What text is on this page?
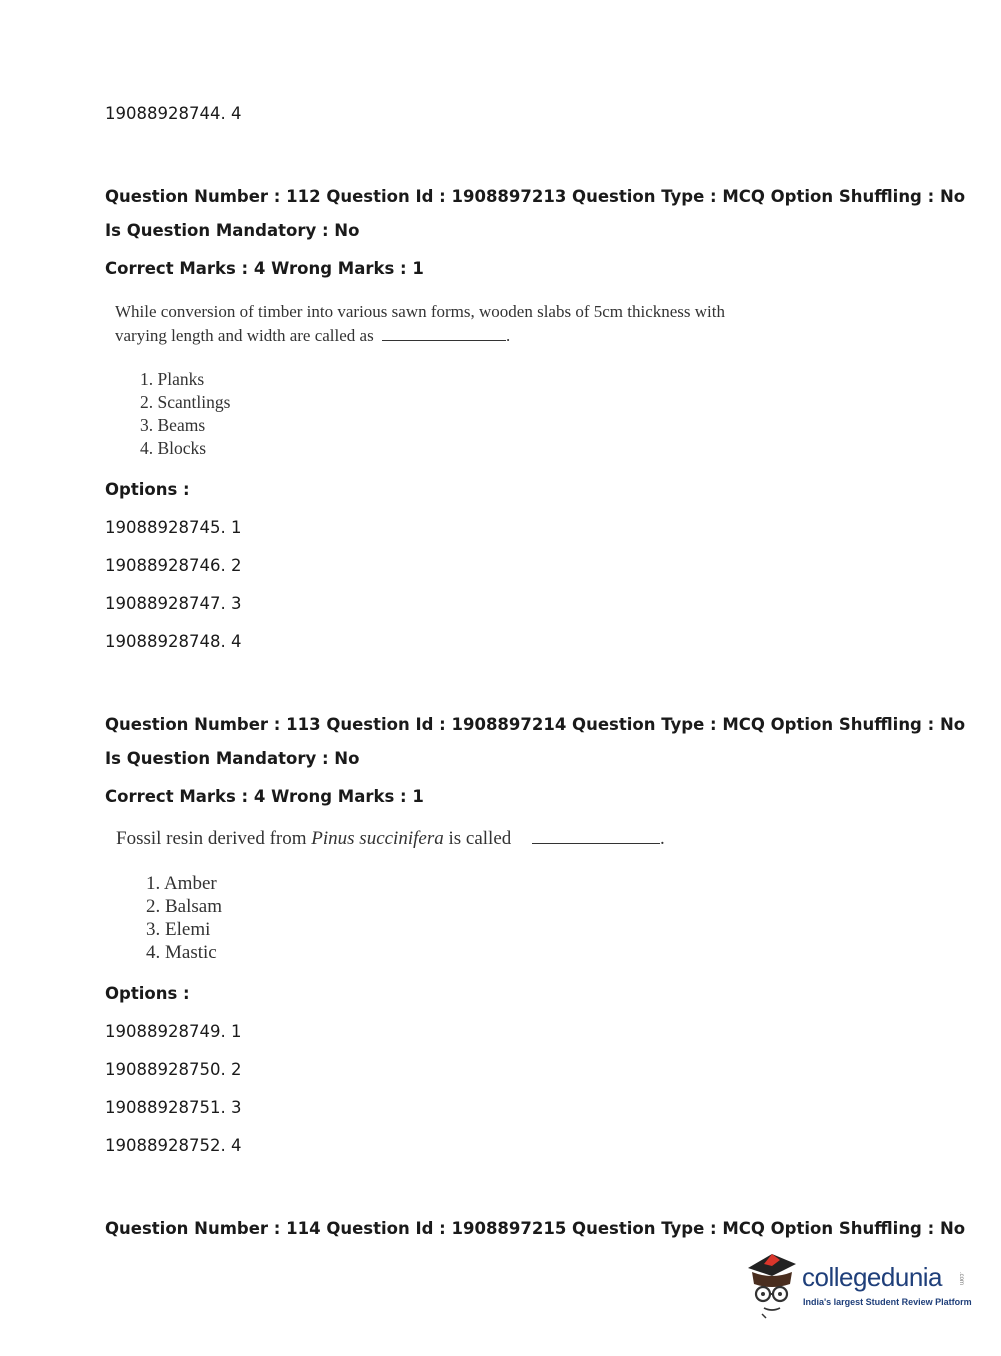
19088928744. 4
Question Number : 112 Question Id : 1908897213 Question Type : MCQ Option Shuffling : No
Is Question Mandatory : No
Correct Marks : 4 Wrong Marks : 1
While conversion of timber into various sawn forms, wooden slabs of 5cm thickness with
varying length and width are called as	.
1. Planks
2. Scantlings
3. Beams
4. Blocks
Options :
19088928745. 1
19088928746. 2
19088928747. 3
19088928748. 4
Question Number : 113 Question Id : 1908897214 Question Type : MCQ Option Shuffling : No
Is Question Mandatory : No
Correct Marks : 4 Wrong Marks : 1
Fossil resin derived from Pinus succinifera is called	.
1. Amber
2. Balsam
3. Elemi
4. Mastic
Options :
19088928749. 1
19088928750. 2
19088928751. 3
19088928752. 4
Question Number : 114 Question Id : 1908897215 Question Type : MCQ Option Shuffling : No
collegedunia	.com
India's largest Student Review Platform
